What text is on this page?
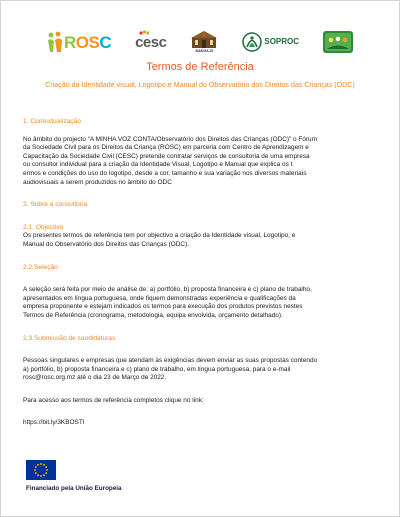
ROSC cesc
MANGAJO
SOPROC
Termos de Referência
Criação da Identidade visual, Logotipo e Manual do Observatório dos Direitos das Crianças (ODC)
1. Contextualização
No âmbito do projecto “A MINHA VOZ CONTA/Observatório dos Direitos das Crianças (ODC)” o Fórum
da Sociedade Civil para os Direitos da Criança (ROSC) em parceria com Centro de Aprendizagem e
Capacitação da Sociedade Civil (CESC) pretende contratar serviços de consultoria de uma empresa
ou consultor individual para a criação da Identidade Visual, Logotipo e Manual que explica os t
ermos e condições do uso do logotipo, desde a cor, tamanho e sua variação nos diversos materiais
audiovisuais a serem produzidos no âmbito do ODC
2. Sobre a consultoria
2.1. Objectivo
Os presentes termos de referência tem por objectivo a criação da Identidade visual, Logotipo, e
Manual do Observatório dos Direitos das Crianças (ODC).
2.2.Seleção
A seleção será feita por meio de análise de: a) portfólio, b) proposta financeira e c) plano de trabalho,
apresentados em língua portuguesa, onde fiquem demonstradas experiência e qualificações da
empresa proponente e estejam indicados os termos para execução dos produtos previstos nestes
Termos de Referência (cronograma, metodologia, equipa envolvida, orçamento detalhado).
2.3.Submissão de candidaturas
Pessoas singulares e empresas que atendam às exigências devem enviar as suas propostas contendo
a) portfólio, b) proposta financeira e c) plano de trabalho, em língua portuguesa, para o e-mail
rosc@rosc.org.mz até o dia 23 de Março de 2022.
Para acesso aos termos de referência completos clique no link:
https://bit.ly/3KBOSTI
Financiado pela União Europeia
